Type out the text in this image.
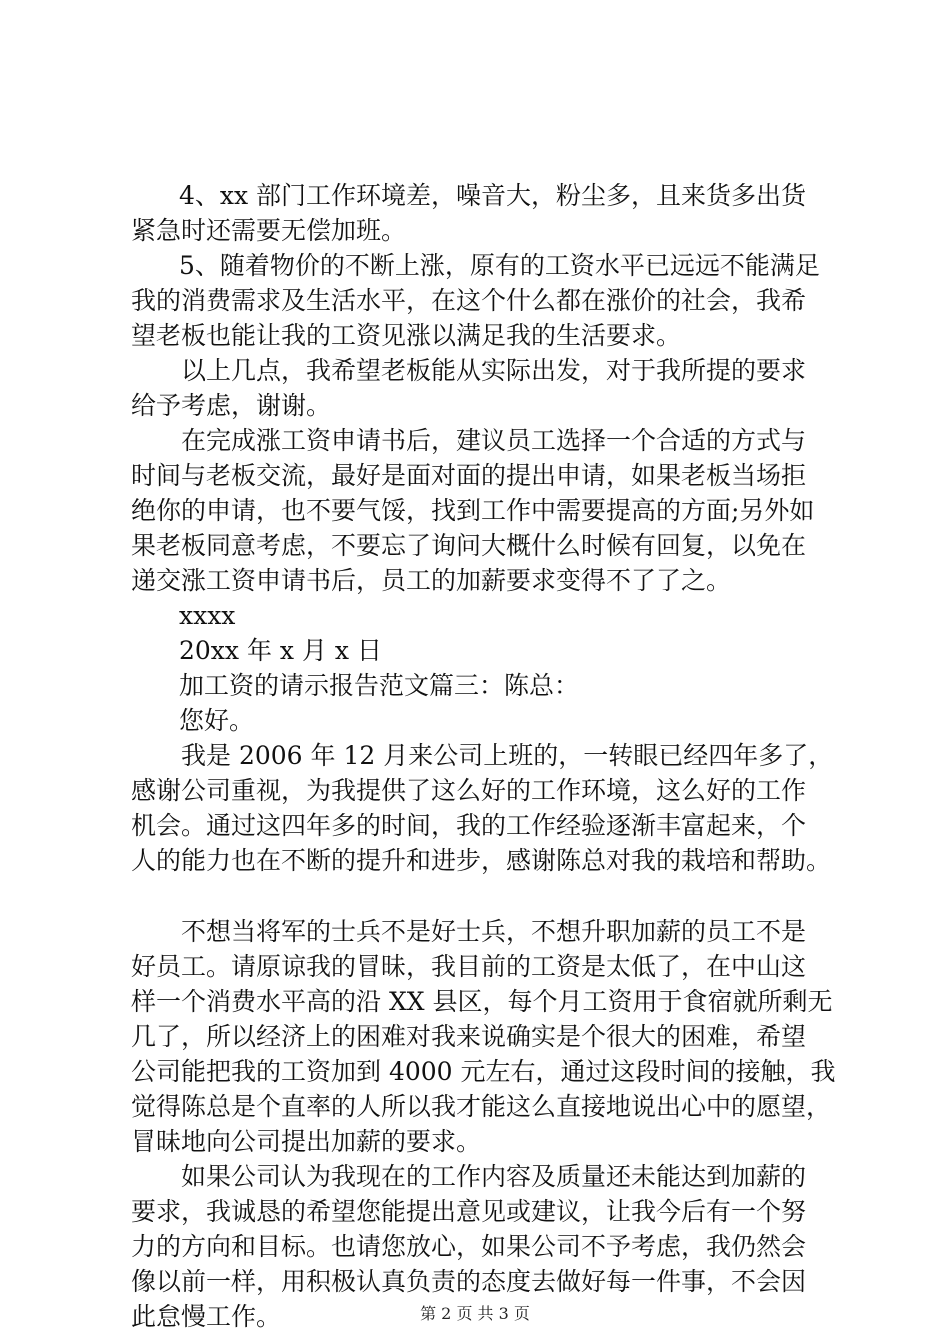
4、xx 部门工作环境差，噪音大，粉尘多，且来货多出货
紧急时还需要无偿加班。
5、随着物价的不断上涨，原有的工资水平已远远不能满足
我的消费需求及生活水平，在这个什么都在涨价的社会，我希
望老板也能让我的工资见涨以满足我的生活要求。
以上几点，我希望老板能从实际出发，对于我所提的要求
给予考虑，谢谢。
在完成涨工资申请书后，建议员工选择一个合适的方式与
时间与老板交流，最好是面对面的提出申请，如果老板当场拒
绝你的申请，也不要气馁，找到工作中需要提高的方面;另外如
果老板同意考虑，不要忘了询问大概什么时候有回复，以免在
递交涨工资申请书后，员工的加薪要求变得不了了之。
xxxx
20xx 年 x 月 x 日
加工资的请示报告范文篇三：陈总：
您好。
我是 2006 年 12 月来公司上班的，一转眼已经四年多了，
感谢公司重视，为我提供了这么好的工作环境，这么好的工作
机会。通过这四年多的时间，我的工作经验逐渐丰富起来，个
人的能力也在不断的提升和进步，感谢陈总对我的栽培和帮助。
不想当将军的士兵不是好士兵，不想升职加薪的员工不是
好员工。请原谅我的冒昧，我目前的工资是太低了，在中山这
样一个消费水平高的沿 XX 县区，每个月工资用于食宿就所剩无
几了，所以经济上的困难对我来说确实是个很大的困难，希望
公司能把我的工资加到 4000 元左右，通过这段时间的接触，我
觉得陈总是个直率的人所以我才能这么直接地说出心中的愿望，
冒昧地向公司提出加薪的要求。
如果公司认为我现在的工作内容及质量还未能达到加薪的
要求，我诚恳的希望您能提出意见或建议，让我今后有一个努
力的方向和目标。也请您放心，如果公司不予考虑，我仍然会
像以前一样，用积极认真负责的态度去做好每一件事，不会因
此怠慢工作。	第 2 页 共 3 页
